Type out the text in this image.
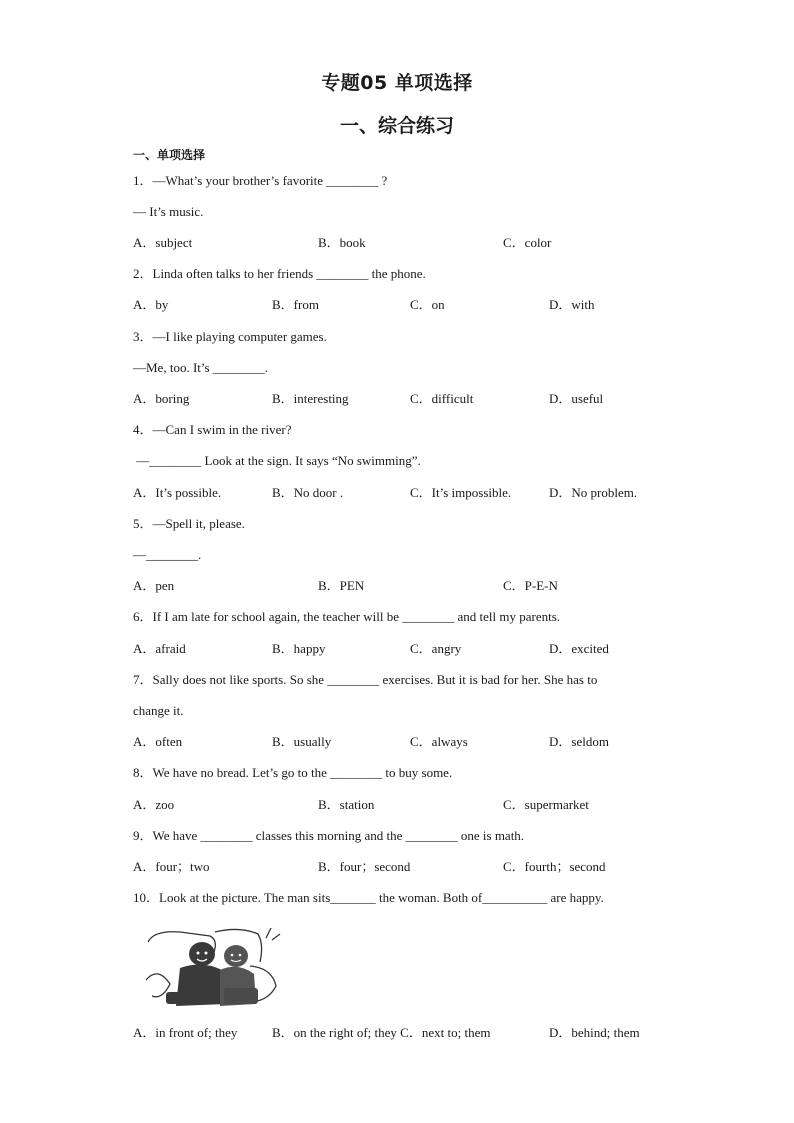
专题05 单项选择
一、综合练习
一、单项选择
1．—What’s your brother’s favorite ________ ?
— It’s music.
A．subject	B．book	C．color
2．Linda often talks to her friends ________ the phone.
A．by	B．from	C．on	D．with
3．—I like playing computer games.
—Me, too. It’s ________.
A．boring	B．interesting	C．difficult	D．useful
4．—Can I swim in the river?
—________ Look at the sign. It says “No swimming”.
A．It’s possible.	B．No door .	C．It’s impossible.	D．No problem.
5．—Spell it, please.
—________.
A．pen	B．PEN	C．P-E-N
6．If I am late for school again, the teacher will be ________ and tell my parents.
A．afraid	B．happy	C．angry	D．excited
7．Sally does not like sports. So she ________ exercises. But it is bad for her. She has to
change it.
A．often	B．usually	C．always	D．seldom
8．We have no bread. Let’s go to the ________ to buy some.
A．zoo	B．station	C．supermarket
9．We have ________ classes this morning and the ________ one is math.
A．four；two	B．four；second	C．fourth；second
10．Look at the picture. The man sits_______ the woman. Both of__________ are happy.
A．in front of; they	B．on the right of; they C．next to; them	D．behind; them
